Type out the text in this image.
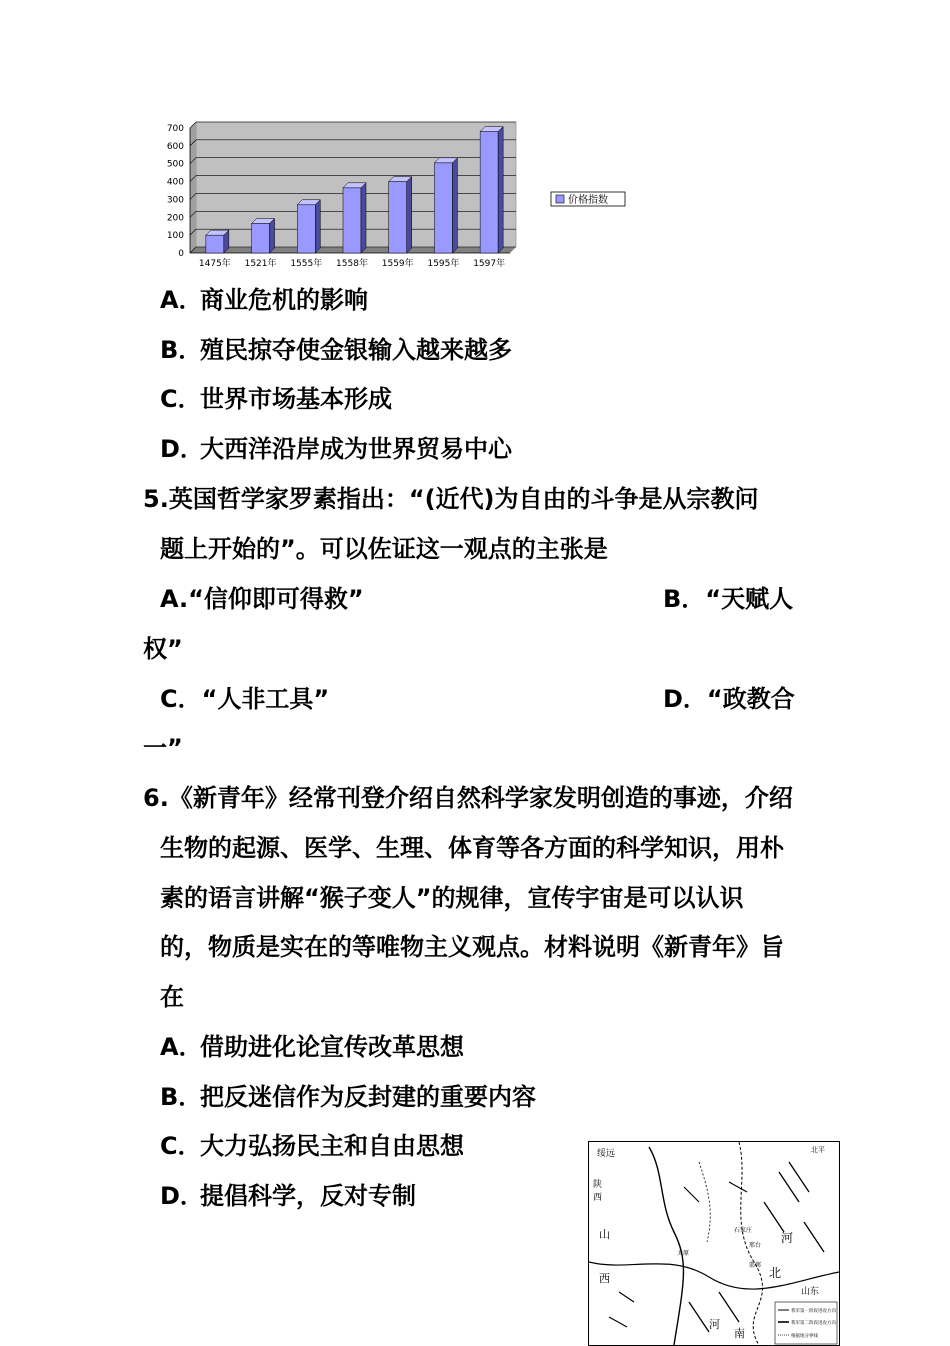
0
100
200
300
400
500
600
700
1475年 1521年 1555年 1558年 1559年 1595年 1597年
价格指数
A．商业危机的影响
B．殖民掠夺使金银输入越来越多
C．世界市场基本形成
D．大西洋沿岸成为世界贸易中心
5.英国哲学家罗素指出：“(近代)为自由的斗争是从宗教问
题上开始的”。可以佐证这一观点的主张是
A.“信仰即可得救”	B．“天赋人
权”
C．“人非工具”	D．“政教合
一”
6.《新青年》经常刊登介绍自然科学家发明创造的事迹，介绍
生物的起源、医学、生理、体育等各方面的科学知识，用朴
素的语言讲解“猴子变人”的规律，宣传宇宙是可以认识
的，物质是实在的等唯物主义观点。材料说明《新青年》旨
在
A．借助进化论宣传改革思想
B．把反迷信作为反封建的重要内容
C．大力弘扬民主和自由思想
D．提倡科学，反对专制
绥远
陕
西
山
西
河
北
山东
南
河
北平
石家庄
太原
邢台
邯郸
我军第一阶段进攻方向
我军第二阶段进攻方向
根据地分界线
